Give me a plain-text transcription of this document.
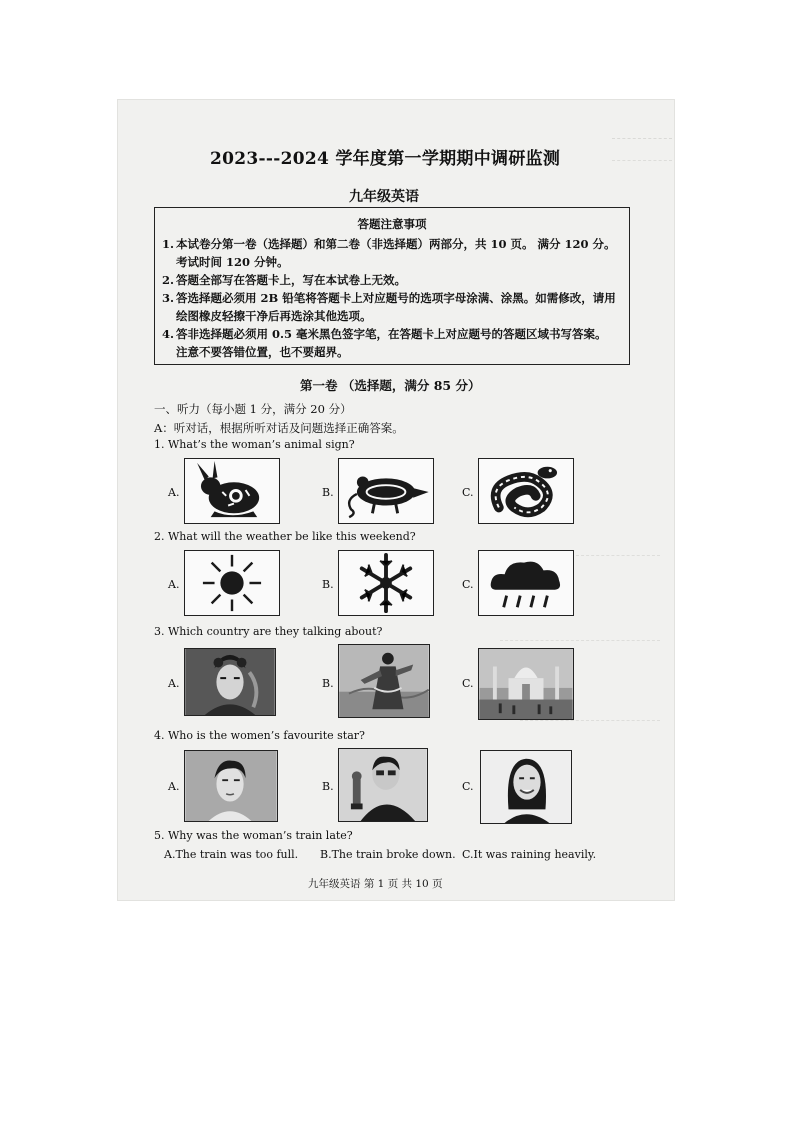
2023---2024 学年度第一学期期中调研监测
九年级英语
答题注意事项
1. 本试卷分第一卷（选择题）和第二卷（非选择题）两部分，共 10 页。 满分 120 分。
考试时间 120 分钟。
2. 答题全部写在答题卡上，写在本试卷上无效。
3. 答选择题必须用 2B 铅笔将答题卡上对应题号的选项字母涂满、涂黑。如需修改，请用
绘图橡皮轻擦干净后再选涂其他选项。
4. 答非选择题必须用 0.5 毫米黑色签字笔，在答题卡上对应题号的答题区域书写答案。
注意不要答错位置，也不要超界。
第一卷 （选择题，满分 85 分）
一、听力（每小题 1 分，满分 20 分）
A：听对话，根据所听对话及问题选择正确答案。
1. What’s the woman’s animal sign?
A.	B.	C.
2. What will the weather be like this weekend?
A.	B.	C.
3. Which country are they talking about?
A.	B.	C.
4. Who is the women’s favourite star?
A.	B.	C.
5. Why was the woman’s train late?
A.The train was too full. B.The train broke down. C.It was raining heavily.
九年级英语 第 1 页 共 10 页
